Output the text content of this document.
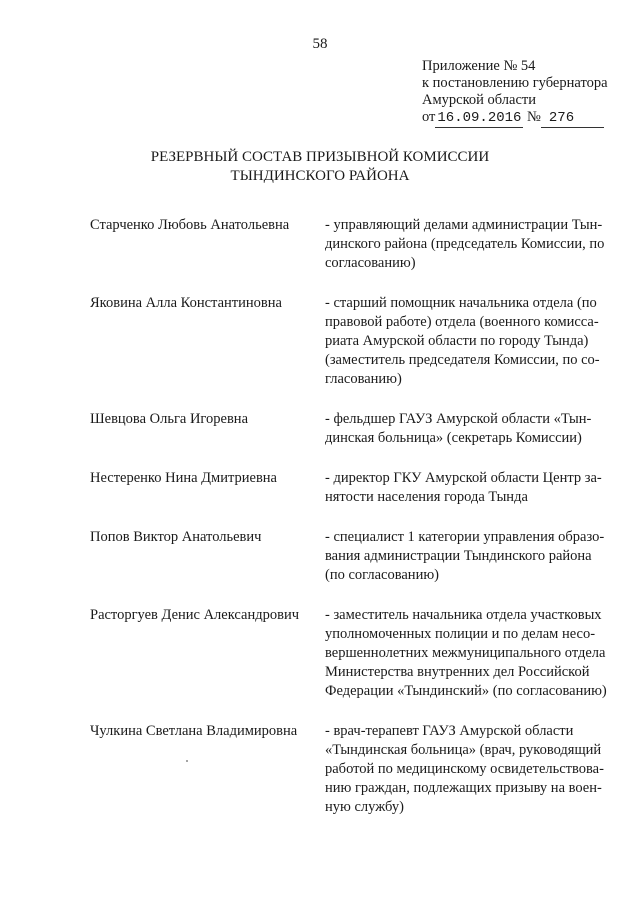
58
Приложение № 54
к постановлению губернатора
Амурской области
от 16.09.2016 № 276
РЕЗЕРВНЫЙ СОСТАВ ПРИЗЫВНОЙ КОМИССИИ
ТЫНДИНСКОГО РАЙОНА
Старченко Любовь Анатольевна	- управляющий делами администрации Тын-
динского района (председатель Комиссии, по
согласованию)
Яковина Алла Константиновна	- старший помощник начальника отдела (по
правовой работе) отдела (военного комисса-
риата Амурской области по городу Тында)
(заместитель председателя Комиссии, по со-
гласованию)
Шевцова Ольга Игоревна	- фельдшер ГАУЗ Амурской области «Тын-
динская больница» (секретарь Комиссии)
Нестеренко Нина Дмитриевна	- директор ГКУ Амурской области Центр за-
нятости населения города Тында
Попов Виктор Анатольевич	- специалист 1 категории управления образо-
вания администрации Тындинского района
(по согласованию)
Расторгуев Денис Александрович	- заместитель начальника отдела участковых
уполномоченных полиции и по делам несо-
вершеннолетних межмуниципального отдела
Министерства внутренних дел Российской
Федерации «Тындинский» (по согласованию)
Чулкина Светлана Владимировна	- врач-терапевт ГАУЗ Амурской области
«Тындинская больница» (врач, руководящий
работой по медицинскому освидетельствова-
нию граждан, подлежащих призыву на воен-
ную службу)
